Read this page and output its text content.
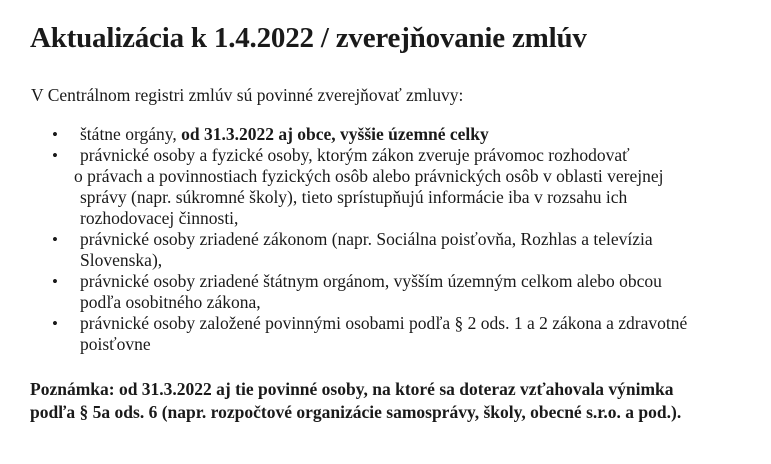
Aktualizácia k 1.4.2022 / zverejňovanie zmlúv

V Centrálnom registri zmlúv sú povinné zverejňovať zmluvy:

• štátne orgány, od 31.3.2022 aj obce, vyššie územné celky
• právnické osoby a fyzické osoby, ktorým zákon zveruje právomoc rozhodovať
o právach a povinnostiach fyzických osôb alebo právnických osôb v oblasti verejnej
správy (napr. súkromné školy), tieto sprístupňujú informácie iba v rozsahu ich
rozhodovacej činnosti,
• právnické osoby zriadené zákonom (napr. Sociálna poisťovňa, Rozhlas a televízia
Slovenska),
• právnické osoby zriadené štátnym orgánom, vyšším územným celkom alebo obcou
podľa osobitného zákona,
• právnické osoby založené povinnými osobami podľa § 2 ods. 1 a 2 zákona a zdravotné
poisťovne

Poznámka: od 31.3.2022 aj tie povinné osoby, na ktoré sa doteraz vzťahovala výnimka
podľa § 5a ods. 6 (napr. rozpočtové organizácie samosprávy, školy, obecné s.r.o. a pod.).
